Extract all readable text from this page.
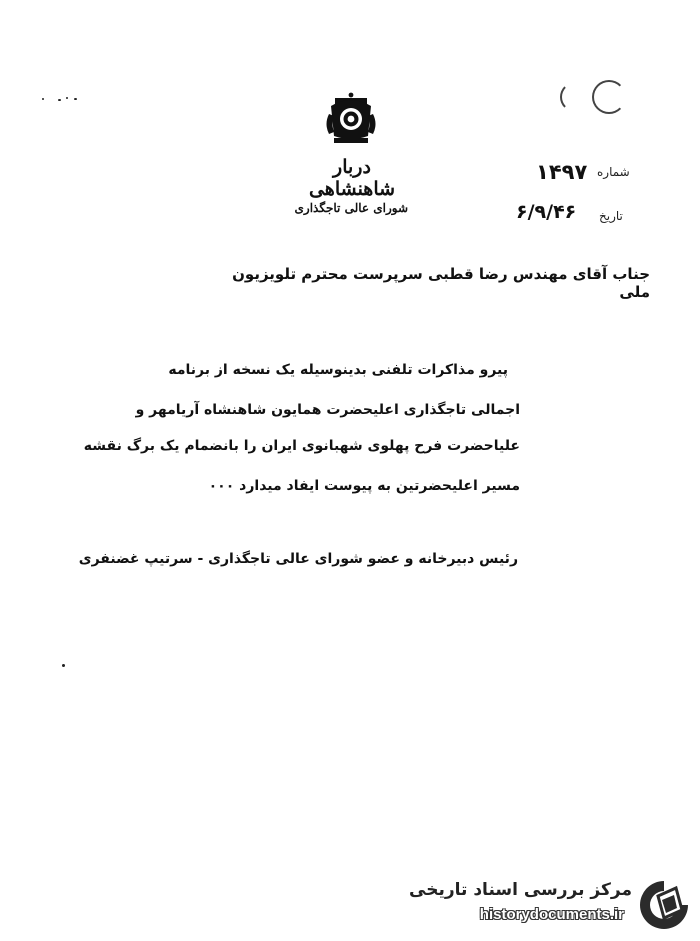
دربار شاهنشاهی
شورای عالی تاجگذاری
شماره
۱۴۹۷
تاریخ
۶/۹/۴۶
جناب آقای مهندس رضا قطبی سرپرست محترم تلویزیون ملی
پیرو مذاکرات تلفنی بدینوسیله یک نسخه از برنامه
اجمالی تاجگذاری اعلیحضرت همایون شاهنشاه آریامهر و
علیاحضرت فرح پهلوی شهبانوی ایران را بانضمام یک برگ نقشه
مسیر اعلیحضرتین به پیوست ایفاد میدارد ۰۰۰
رئیس دبیرخانه و عضو شورای عالی تاجگذاری - سرتیپ غضنفری
مرکز بررسی اسناد تاریخی
historydocuments.ir
